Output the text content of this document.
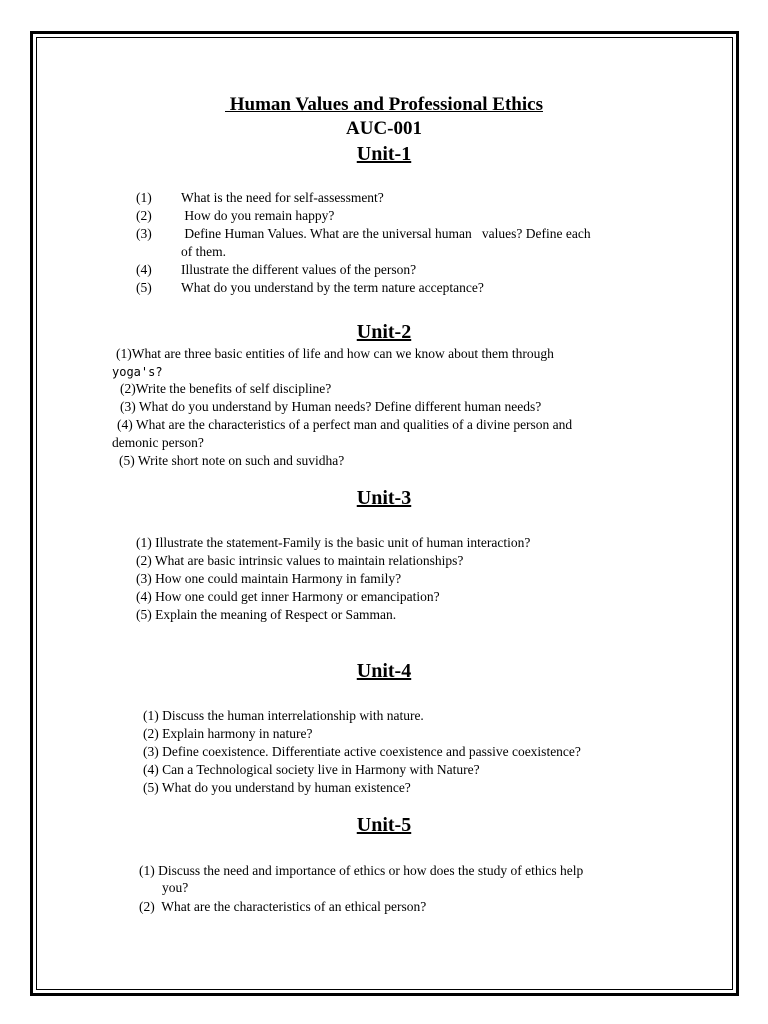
Human Values and Professional Ethics
AUC-001
Unit-1
(1) What is the need for self-assessment?
(2) How do you remain happy?
(3) Define Human Values. What are the universal human   values? Define each
of them.
(4) Illustrate the different values of the person?
(5) What do you understand by the term nature acceptance?
Unit-2
(1)What are three basic entities of life and how can we know about them through
yoga's?
(2)Write the benefits of self discipline?
(3) What do you understand by Human needs? Define different human needs?
(4) What are the characteristics of a perfect man and qualities of a divine person and
demonic person?
(5) Write short note on such and suvidha?
Unit-3
(1) Illustrate the statement-Family is the basic unit of human interaction?
(2) What are basic intrinsic values to maintain relationships?
(3) How one could maintain Harmony in family?
(4) How one could get inner Harmony or emancipation?
(5) Explain the meaning of Respect or Samman.
Unit-4
(1) Discuss the human interrelationship with nature.
(2) Explain harmony in nature?
(3) Define coexistence. Differentiate active coexistence and passive coexistence?
(4) Can a Technological society live in Harmony with Nature?
(5) What do you understand by human existence?
Unit-5
(1) Discuss the need and importance of ethics or how does the study of ethics help
you?
(2)  What are the characteristics of an ethical person?
